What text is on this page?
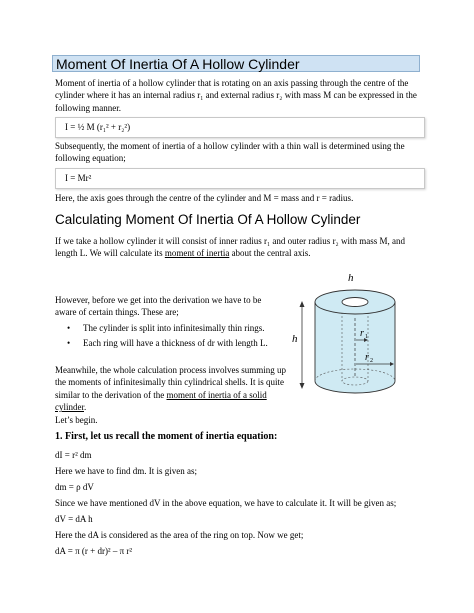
Moment Of Inertia Of A Hollow Cylinder
Moment of inertia of a hollow cylinder that is rotating on an axis passing through the centre of the cylinder where it has an internal radius r₁ and external radius r₂ with mass M can be expressed in the following manner.
I = ½ M (r₁² + r₂²)
Subsequently, the moment of inertia of a hollow cylinder with a thin wall is determined using the following equation;
I = Mr²
Here, the axis goes through the centre of the cylinder and M = mass and r = radius.
Calculating Moment Of Inertia Of A Hollow Cylinder
If we take a hollow cylinder it will consist of inner radius r₁ and outer radius r₂ with mass M, and length L. We will calculate its moment of inertia about the central axis.
However, before we get into the derivation we have to be aware of certain things. These are;
• The cylinder is split into infinitesimally thin rings.
• Each ring will have a thickness of dr with length L.
Meanwhile, the whole calculation process involves summing up the moments of infinitesimally thin cylindrical shells. It is quite similar to the derivation of the moment of inertia of a solid cylinder.
Let’s begin.
1. First, let us recall the moment of inertia equation:
dI = r² dm
Here we have to find dm. It is given as;
dm = ρ dV
Since we have mentioned dV in the above equation, we have to calculate it. It will be given as;
dV = dA h
Here the dA is considered as the area of the ring on top. Now we get;
dA = π (r + dr)² – π r²
h
h	r 1
r 2
